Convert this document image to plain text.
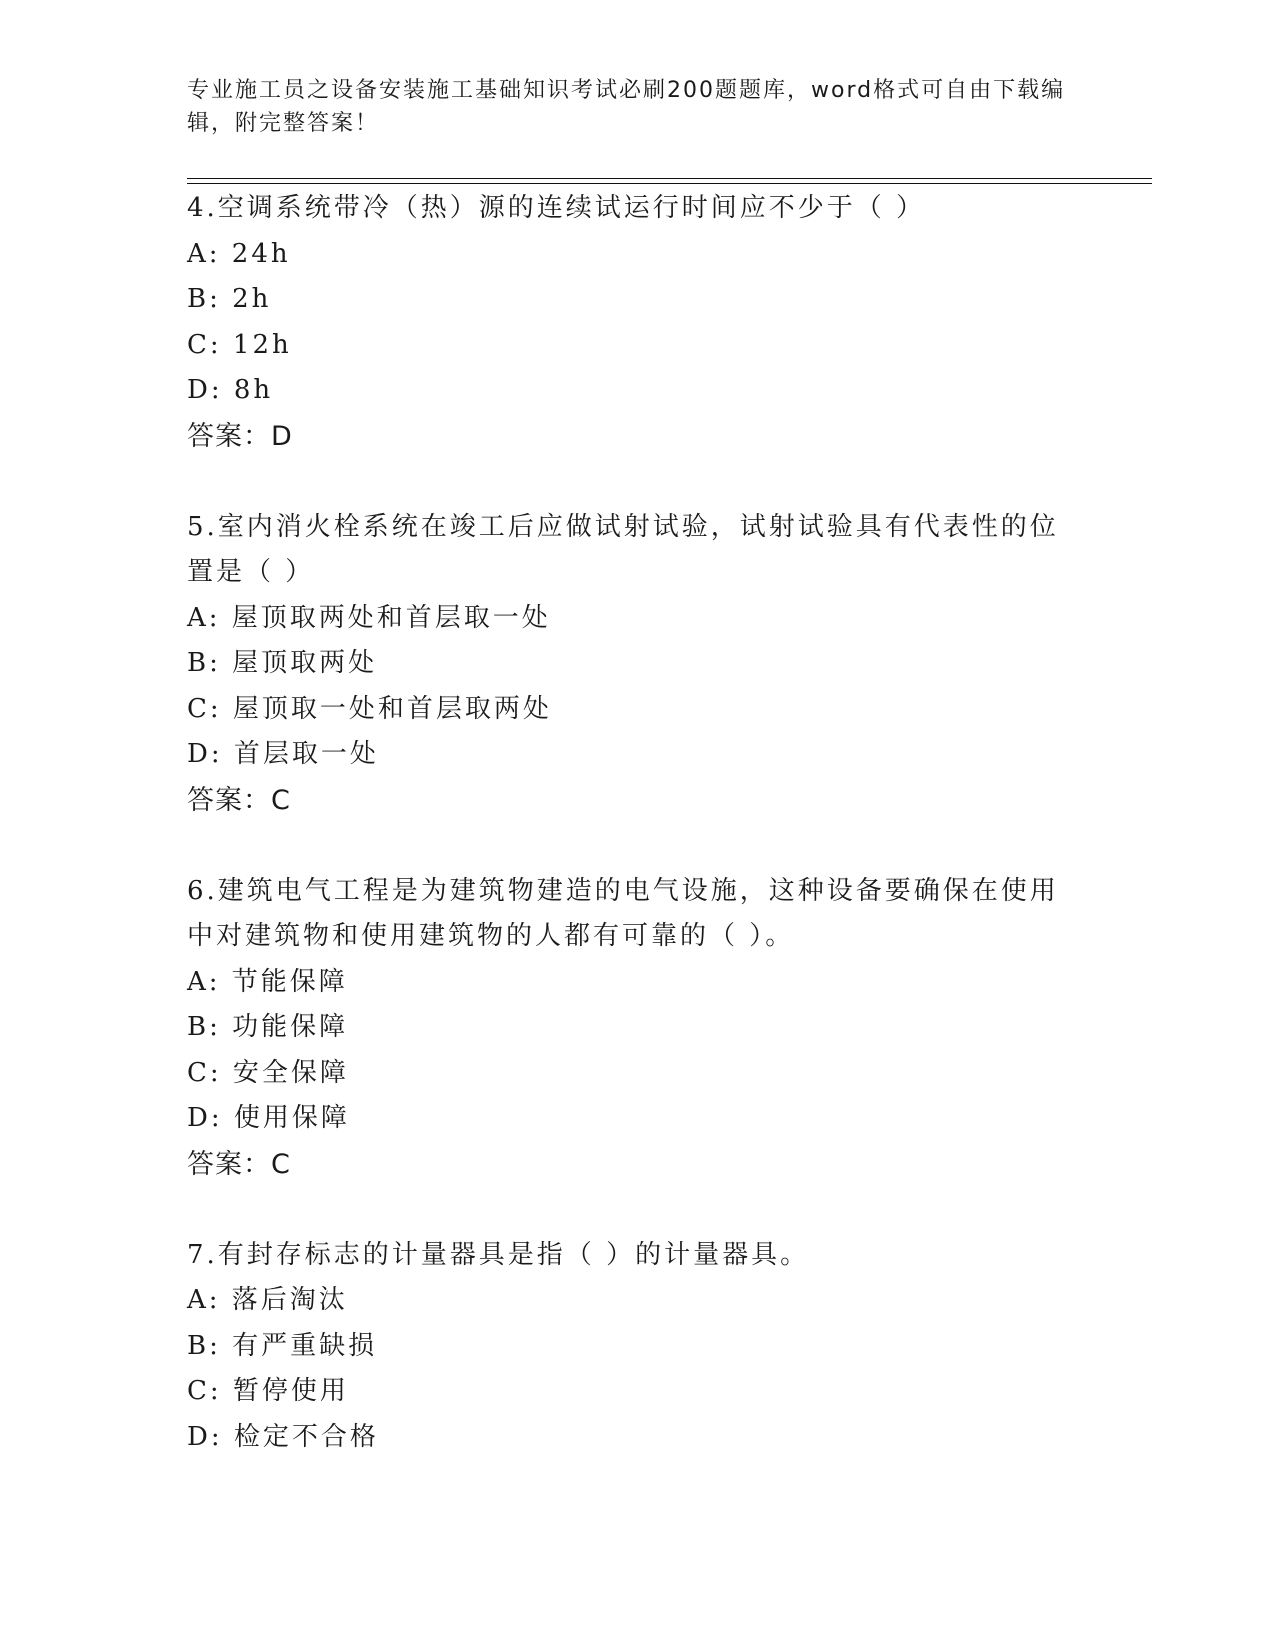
专业施工员之设备安装施工基础知识考试必刷200题题库，word格式可自由下载编辑，附完整答案！
4.空调系统带冷（热）源的连续试运行时间应不少于（ ）
A: 24h
B: 2h
C: 12h
D: 8h
答案：D
5.室内消火栓系统在竣工后应做试射试验，试射试验具有代表性的位置是（ ）
A: 屋顶取两处和首层取一处
B: 屋顶取两处
C: 屋顶取一处和首层取两处
D: 首层取一处
答案：C
6.建筑电气工程是为建筑物建造的电气设施，这种设备要确保在使用中对建筑物和使用建筑物的人都有可靠的（ ）。
A: 节能保障
B: 功能保障
C: 安全保障
D: 使用保障
答案：C
7.有封存标志的计量器具是指（ ）的计量器具。
A: 落后淘汰
B: 有严重缺损
C: 暂停使用
D: 检定不合格
